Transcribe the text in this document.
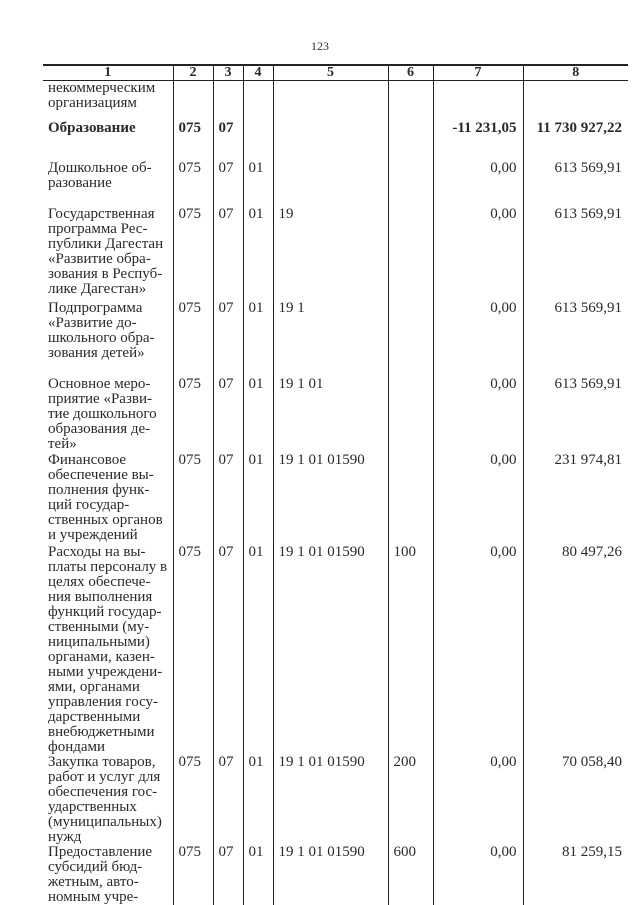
123
1	2	3	4	5	6	7	8
некоммерческим организациям							
Образование	075	07				-11 231,05	11 730 927,22
Дошкольное об-разование	075	07	01			0,00	613 569,91
Государственная программа Рес-публики Дагестан «Развитие обра-зования в Респуб-лике Дагестан»	075	07	01	19		0,00	613 569,91
Подпрограмма «Развитие до-школьного обра-зования детей»	075	07	01	19 1		0,00	613 569,91
Основное меро-приятие «Разви-тие дошкольного образования де-тей»	075	07	01	19 1 01		0,00	613 569,91
Финансовое обеспечение вы-полнения функ-ций государ-ственных органов и учреждений	075	07	01	19 1 01 01590		0,00	231 974,81
Расходы на вы-платы персоналу в целях обеспече-ния выполнения функций государ-ственными (му-ниципальными) органами, казен-ными учреждени-ями, органами управления госу-дарственными внебюджетными фондами	075	07	01	19 1 01 01590	100	0,00	80 497,26
Закупка товаров, работ и услуг для обеспечения гос-ударственных (муниципальных) нужд	075	07	01	19 1 01 01590	200	0,00	70 058,40
Предоставление субсидий бюд-жетным, авто-номным учре-	075	07	01	19 1 01 01590	600	0,00	81 259,15
